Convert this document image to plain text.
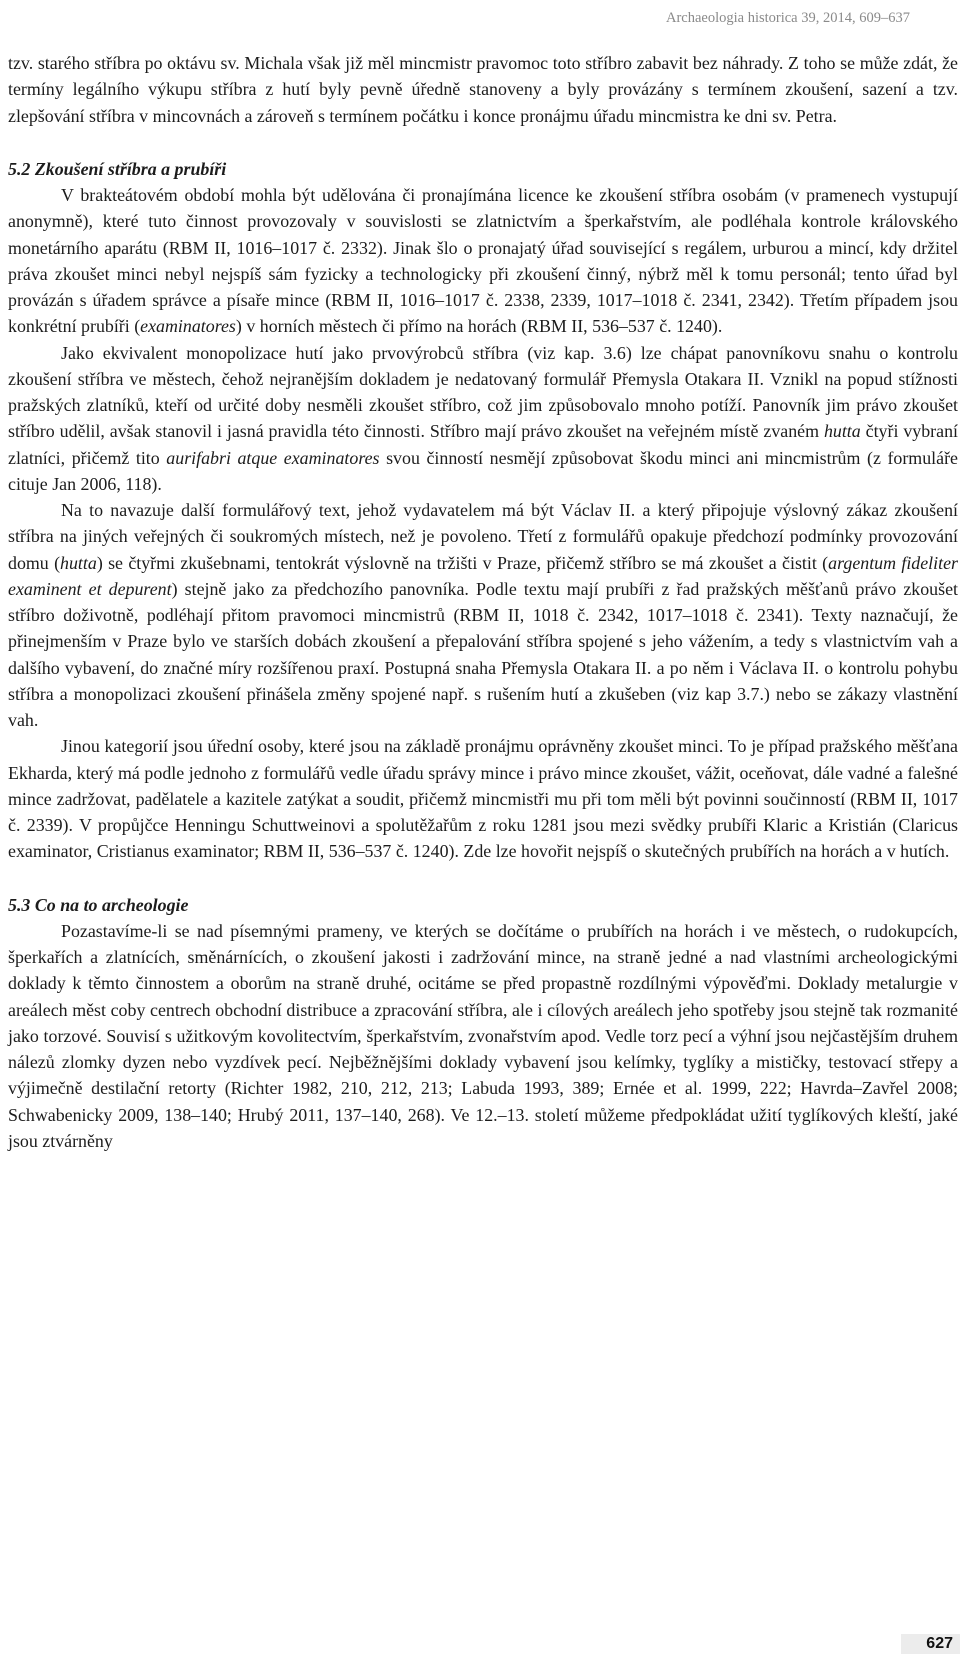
Archaeologia historica 39, 2014, 609–637

tzv. starého stříbra po oktávu sv. Michala však již měl mincmistr pravomoc toto stříbro zabavit bez náhrady. Z toho se může zdát, že termíny legálního výkupu stříbra z hutí byly pevně úředně stanoveny a byly provázány s termínem zkoušení, sazení a tzv. zlepšování stříbra v mincovnách a zároveň s termínem počátku i konce pronájmu úřadu mincmistra ke dni sv. Petra.

5.2 Zkoušení stříbra a prubíři

V brakteátovém období mohla být udělována či pronajímána licence ke zkoušení stříbra osobám (v pramenech vystupují anonymně), které tuto činnost provozovaly v souvislosti se zlatnictvím a šperkařstvím, ale podléhala kontrole královského monetárního aparátu (RBM II, 1016–1017 č. 2332). Jinak šlo o pronajatý úřad související s regálem, urburou a mincí, kdy držitel práva zkoušet minci nebyl nejspíš sám fyzicky a technologicky při zkoušení činný, nýbrž měl k tomu personál; tento úřad byl provázán s úřadem správce a písaře mince (RBM II, 1016–1017 č. 2338, 2339, 1017–1018 č. 2341, 2342). Třetím případem jsou konkrétní prubíři (examinatores) v horních městech či přímo na horách (RBM II, 536–537 č. 1240).

Jako ekvivalent monopolizace hutí jako prvovýrobců stříbra (viz kap. 3.6) lze chápat panovníkovu snahu o kontrolu zkoušení stříbra ve městech, čehož nejranějším dokladem je nedatovaný formulář Přemysla Otakara II. Vznikl na popud stížnosti pražských zlatníků, kteří od určité doby nesměli zkoušet stříbro, což jim způsobovalo mnoho potíží. Panovník jim právo zkoušet stříbro udělil, avšak stanovil i jasná pravidla této činnosti. Stříbro mají právo zkoušet na veřejném místě zvaném hutta čtyři vybraní zlatníci, přičemž tito aurifabri atque examinatores svou činností nesmějí způsobovat škodu minci ani mincmistrům (z formuláře cituje Jan 2006, 118).

Na to navazuje další formulářový text, jehož vydavatelem má být Václav II. a který připojuje výslovný zákaz zkoušení stříbra na jiných veřejných či soukromých místech, než je povoleno. Třetí z formulářů opakuje předchozí podmínky provozování domu (hutta) se čtyřmi zkušebnami, tentokrát výslovně na tržišti v Praze, přičemž stříbro se má zkoušet a čistit (argentum fideliter examinent et depurent) stejně jako za předchozího panovníka. Podle textu mají prubíři z řad pražských měšťanů právo zkoušet stříbro doživotně, podléhají přitom pravomoci mincmistrů (RBM II, 1018 č. 2342, 1017–1018 č. 2341). Texty naznačují, že přinejmenším v Praze bylo ve starších dobách zkoušení a přepalování stříbra spojené s jeho vážením, a tedy s vlastnictvím vah a dalšího vybavení, do značné míry rozšířenou praxí. Postupná snaha Přemysla Otakara II. a po něm i Václava II. o kontrolu pohybu stříbra a monopolizaci zkoušení přinášela změny spojené např. s rušením hutí a zkušeben (viz kap 3.7.) nebo se zákazy vlastnění vah.

Jinou kategorií jsou úřední osoby, které jsou na základě pronájmu oprávněny zkoušet minci. To je případ pražského měšťana Ekharda, který má podle jednoho z formulářů vedle úřadu správy mince i právo mince zkoušet, vážit, oceňovat, dále vadné a falešné mince zadržovat, padělatele a kazitele zatýkat a soudit, přičemž mincmistři mu při tom měli být povinni součinností (RBM II, 1017 č. 2339). V propůjčce Henningu Schuttweinovi a spolutěžařům z roku 1281 jsou mezi svědky prubíři Klaric a Kristián (Claricus examinator, Cristianus examinator; RBM II, 536–537 č. 1240). Zde lze hovořit nejspíš o skutečných prubířích na horách a v hutích.

5.3 Co na to archeologie

Pozastavíme-li se nad písemnými prameny, ve kterých se dočítáme o prubířích na horách i ve městech, o rudokupcích, šperkařích a zlatnících, směnárnících, o zkoušení jakosti i zadržování mince, na straně jedné a nad vlastními archeologickými doklady k těmto činnostem a oborům na straně druhé, ocitáme se před propastně rozdílnými výpověďmi. Doklady metalurgie v areálech měst coby centrech obchodní distribuce a zpracování stříbra, ale i cílových areálech jeho spotřeby jsou stejně tak rozmanité jako torzové. Souvisí s užitkovým kovolitectvím, šperkařstvím, zvonařstvím apod. Vedle torz pecí a výhní jsou nejčastějším druhem nálezů zlomky dyzen nebo vyzdívek pecí. Nejběžnějšími doklady vybavení jsou kelímky, tyglíky a mističky, testovací střepy a výjimečně destilační retorty (Richter 1982, 210, 212, 213; Labuda 1993, 389; Ernée et al. 1999, 222; Havrda–Zavřel 2008; Schwabenicky 2009, 138–140; Hrubý 2011, 137–140, 268). Ve 12.–13. století můžeme předpokládat užití tyglíkových kleští, jaké jsou ztvárněny

627
